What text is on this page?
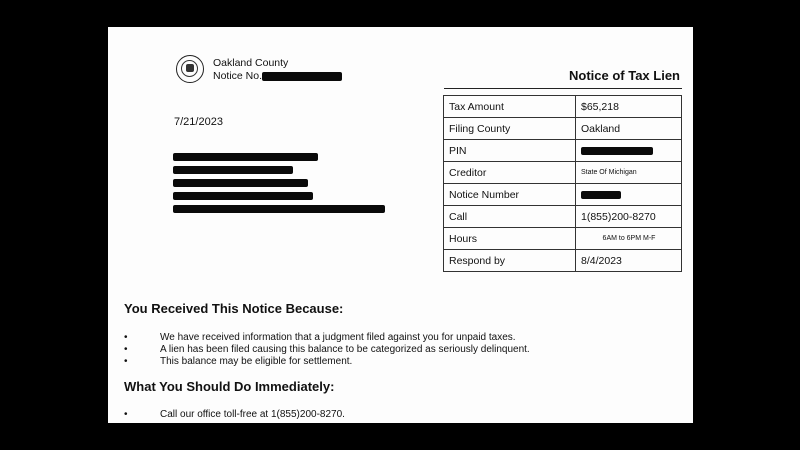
Oakland County
Notice No.
7/21/2023
Notice of Tax Lien
Tax Amount	$65,218
Filing County	Oakland
PIN	
Creditor	State Of Michigan
Notice Number	
Call	1(855)200-8270
Hours	6AM to 6PM M-F
Respond by	8/4/2023
You Received This Notice Because:
• We have received information that a judgment filed against you for unpaid taxes.
• A lien has been filed causing this balance to be categorized as seriously delinquent.
• This balance may be eligible for settlement.
What You Should Do Immediately:
• Call our office toll-free at 1(855)200-8270.
